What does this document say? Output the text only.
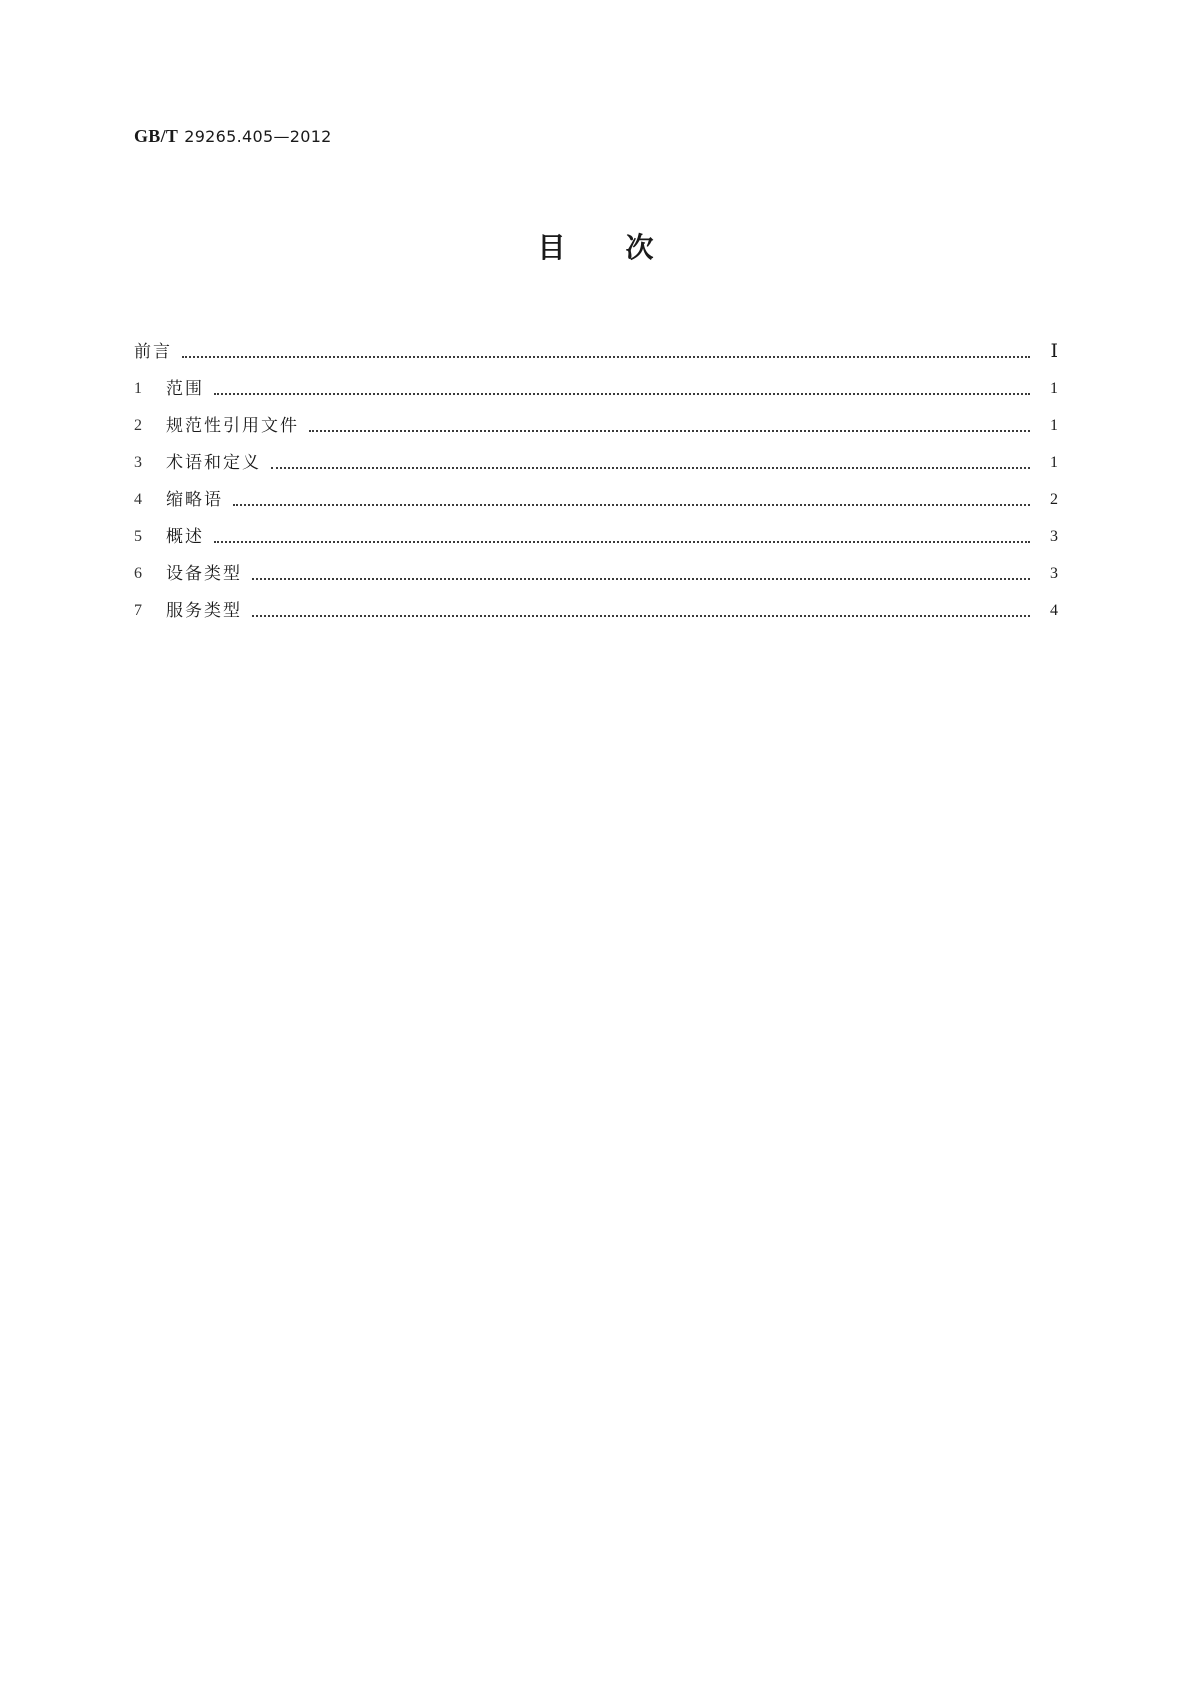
GB/T 29265.405—2012
目次
前言	Ⅰ
1	范围	1
2	规范性引用文件	1
3	术语和定义	1
4	缩略语	2
5	概述	3
6	设备类型	3
7	服务类型	4
